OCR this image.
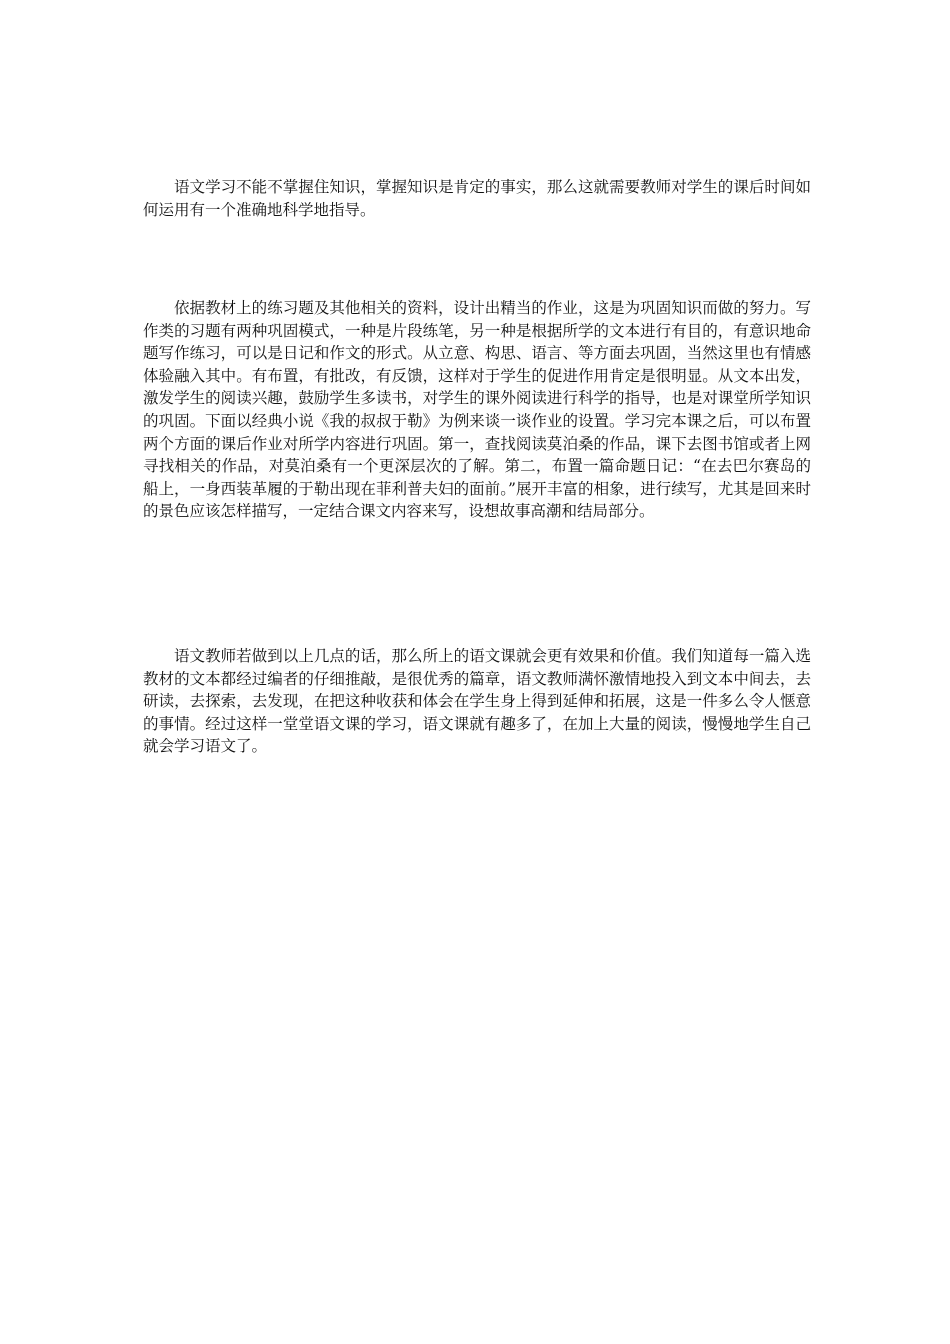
语文学习不能不掌握住知识，掌握知识是肯定的事实，那么这就需要教师对学生的课后时间如何运用有一个准确地科学地指导。

依据教材上的练习题及其他相关的资料，设计出精当的作业，这是为巩固知识而做的努力。写作类的习题有两种巩固模式，一种是片段练笔，另一种是根据所学的文本进行有目的，有意识地命题写作练习，可以是日记和作文的形式。从立意、构思、语言、等方面去巩固，当然这里也有情感体验融入其中。有布置，有批改，有反馈，这样对于学生的促进作用肯定是很明显。从文本出发，激发学生的阅读兴趣，鼓励学生多读书，对学生的课外阅读进行科学的指导，也是对课堂所学知识的巩固。下面以经典小说《我的叔叔于勒》为例来谈一谈作业的设置。学习完本课之后，可以布置两个方面的课后作业对所学内容进行巩固。第一，查找阅读莫泊桑的作品，课下去图书馆或者上网寻找相关的作品，对莫泊桑有一个更深层次的了解。第二，布置一篇命题日记：“在去巴尔赛岛的船上，一身西装革履的于勒出现在菲利普夫妇的面前。”展开丰富的相象，进行续写，尤其是回来时的景色应该怎样描写，一定结合课文内容来写，设想故事高潮和结局部分。

语文教师若做到以上几点的话，那么所上的语文课就会更有效果和价值。我们知道每一篇入选教材的文本都经过编者的仔细推敲，是很优秀的篇章，语文教师满怀激情地投入到文本中间去，去研读，去探索，去发现，在把这种收获和体会在学生身上得到延伸和拓展，这是一件多么令人惬意的事情。经过这样一堂堂语文课的学习，语文课就有趣多了，在加上大量的阅读，慢慢地学生自己就会学习语文了。
